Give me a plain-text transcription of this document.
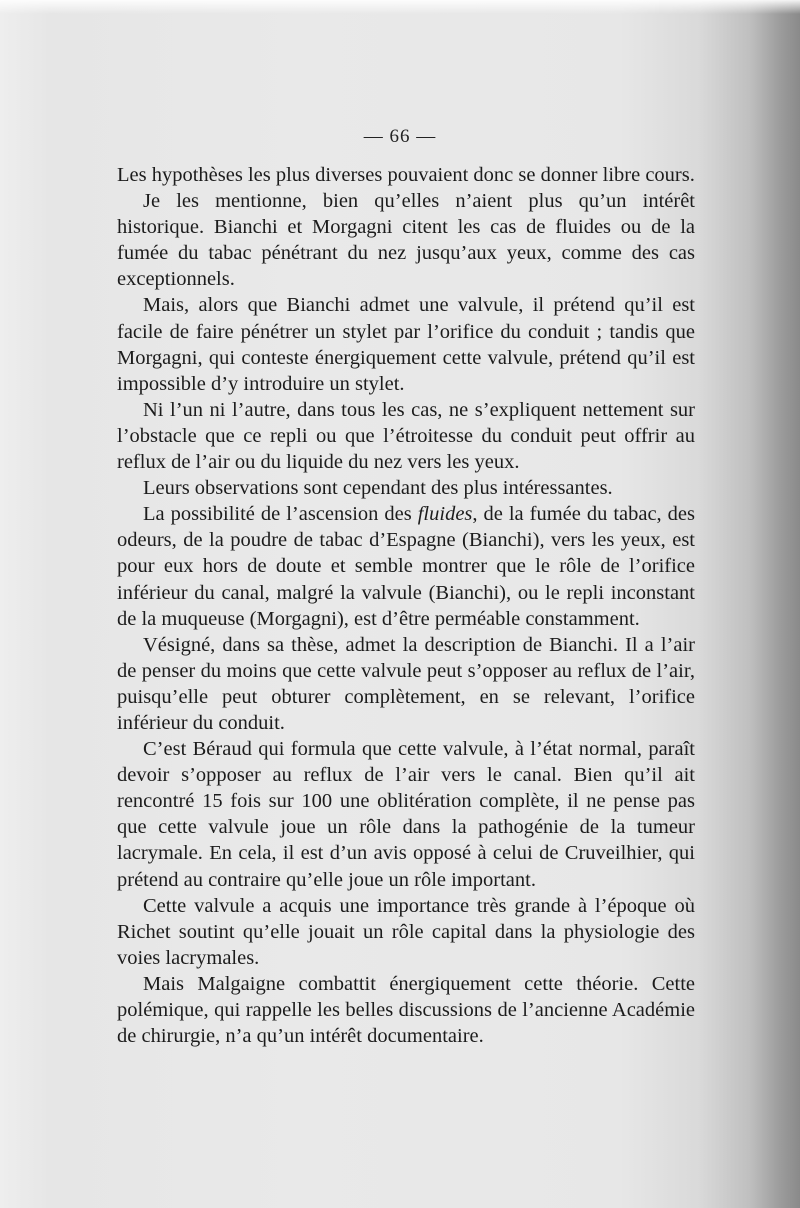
— 66 —

Les hypothèses les plus diverses pouvaient donc se donner libre cours.

Je les mentionne, bien qu’elles n’aient plus qu’un intérêt historique. Bianchi et Morgagni citent les cas de fluides ou de la fumée du tabac pénétrant du nez jusqu’aux yeux, comme des cas exceptionnels.

Mais, alors que Bianchi admet une valvule, il prétend qu’il est facile de faire pénétrer un stylet par l’orifice du conduit ; tandis que Morgagni, qui conteste énergiquement cette valvule, prétend qu’il est impossible d’y introduire un stylet.

Ni l’un ni l’autre, dans tous les cas, ne s’expliquent nettement sur l’obstacle que ce repli ou que l’étroitesse du conduit peut offrir au reflux de l’air ou du liquide du nez vers les yeux.

Leurs observations sont cependant des plus intéressantes.

La possibilité de l’ascension des fluides, de la fumée du tabac, des odeurs, de la poudre de tabac d’Espagne (Bianchi), vers les yeux, est pour eux hors de doute et semble montrer que le rôle de l’orifice inférieur du canal, malgré la valvule (Bianchi), ou le repli inconstant de la muqueuse (Morgagni), est d’être perméable constamment.

Vésigné, dans sa thèse, admet la description de Bianchi. Il a l’air de penser du moins que cette valvule peut s’opposer au reflux de l’air, puisqu’elle peut obturer complètement, en se relevant, l’orifice inférieur du conduit.

C’est Béraud qui formula que cette valvule, à l’état normal, paraît devoir s’opposer au reflux de l’air vers le canal. Bien qu’il ait rencontré 15 fois sur 100 une oblitération complète, il ne pense pas que cette valvule joue un rôle dans la pathogénie de la tumeur lacrymale. En cela, il est d’un avis opposé à celui de Cruveilhier, qui prétend au contraire qu’elle joue un rôle important.

Cette valvule a acquis une importance très grande à l’époque où Richet soutint qu’elle jouait un rôle capital dans la physiologie des voies lacrymales.

Mais Malgaigne combattit énergiquement cette théorie. Cette polémique, qui rappelle les belles discussions de l’ancienne Académie de chirurgie, n’a qu’un intérêt documentaire.
